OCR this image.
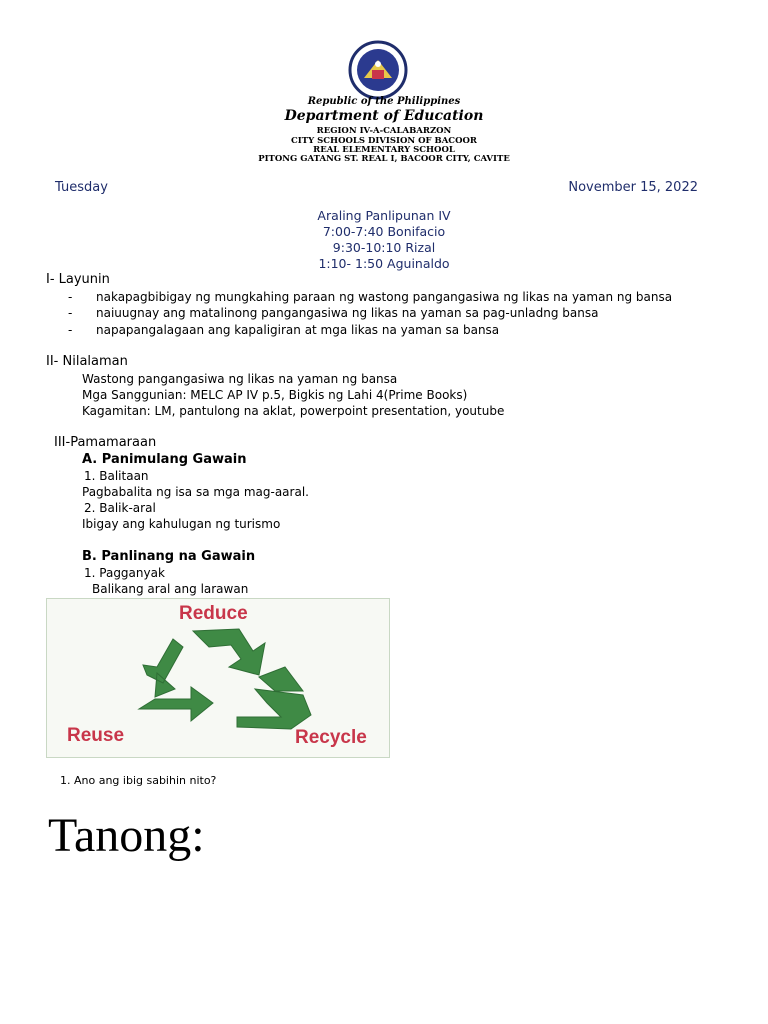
Republic of the Philippines
Department of Education
REGION IV-A-CALABARZON
CITY SCHOOLS DIVISION OF BACOOR
REAL ELEMENTARY SCHOOL
PITONG GATANG ST. REAL I, BACOOR CITY, CAVITE
Tuesday	November 15, 2022
Araling Panlipunan IV
7:00-7:40 Bonifacio
9:30-10:10 Rizal
1:10- 1:50 Aguinaldo
I- Layunin
- nakapagbibigay ng mungkahing paraan ng wastong pangangasiwa ng likas na yaman ng bansa
- naiuugnay ang matalinong pangangasiwa ng likas na yaman sa pag-unladng bansa
- napapangalagaan ang kapaligiran at mga likas na yaman sa bansa
II- Nilalaman
Wastong pangangasiwa ng likas na yaman ng bansa
Mga Sanggunian: MELC AP IV p.5, Bigkis ng Lahi 4(Prime Books)
Kagamitan: LM, pantulong na aklat, powerpoint presentation, youtube
III-Pamamaraan
A. Panimulang Gawain
1. Balitaan
Pagbabalita ng isa sa mga mag-aaral.
2. Balik-aral
Ibigay ang kahulugan ng turismo
B. Panlinang na Gawain
1. Pagganyak
Balikang aral ang larawan
Reduce
Reuse	Recycle
1. Ano ang ibig sabihin nito?
Tanong:
